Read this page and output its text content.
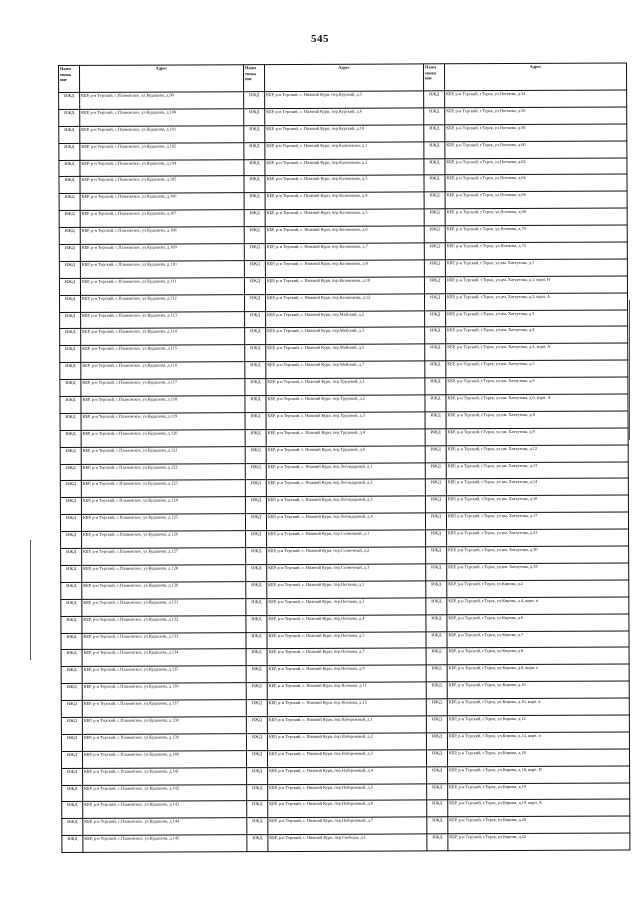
545
Наим енова ние	Адрес	Наим енова ние	Адрес	Наим енова ние	Адрес
ИЖД	КБР, р-н Терский, с.Плановское, ул.Кудашева, д.99	ИЖД	КБР, р-н Терский, с. Нижний Курп, пер.Курский, д.5	ИЖД	КБР, р-н Терский, г.Терек, ул.Ногмова, д.54
ИЖД	КБР, р-н Терский, с.Плановское, ул.Кудашева, д.100	ИЖД	КБР, р-н Терский, с. Нижний Курп, пер.Курский, д.6	ИЖД	КБР, р-н Терский, г.Терек, ул.Ногмова, д.56
ИЖД	КБР, р-н Терский, с.Плановское, ул.Кудашева, д.101	ИЖД	КБР, р-н Терский, с. Нижний Курп, пер.Курский, д.10	ИЖД	КБР, р-н Терский, г.Терек, ул.Ногмова, д.58
ИЖД	КБР, р-н Терский, с.Плановское, ул.Кудашева, д.102	ИЖД	КБР, р-н Терский, с. Нижний Курп, пер.Казаноковa, д.1	ИЖД	КБР, р-н Терский, г.Терек, ул.Ногмова, д.60
ИЖД	КБР, р-н Терский, с.Плановское, ул.Кудашева, д.104	ИЖД	КБР, р-н Терский, с. Нижний Курп, пер.Казаноковa, д.2	ИЖД	КБР, р-н Терский, г.Терек, ул.Ногмова, д.62
ИЖД	КБР, р-н Терский, с.Плановское, ул.Кудашева, д.105	ИЖД	КБР, р-н Терский, с. Нижний Курп, пер.Казаноковa, д.3	ИЖД	КБР, р-н Терский, г.Терек, ул.Ногмова, д.64
ИЖД	КБР, р-н Терский, с.Плановское, ул.Кудашева, д.106	ИЖД	КБР, р-н Терский, с. Нижний Курп, пер.Казаноковa, д.4	ИЖД	КБР, р-н Терский, г.Терек, ул.Ногмова, д.66
ИЖД	КБР, р-н Терский, с.Плановское, ул.Кудашева, д.107	ИЖД	КБР, р-н Терский, с. Нижний Курп, пер.Казаноковa, д.5	ИЖД	КБР, р-н Терский, г.Терек, ул.Ногмова, д.68
ИЖД	КБР, р-н Терский, с.Плановское, ул.Кудашева, д.108	ИЖД	КБР, р-н Терский, с. Нижний Курп, пер.Казаноковa, д.6	ИЖД	КБР, р-н Терский, г.Терек, ул.Ногмова, д.70
ИЖД	КБР, р-н Терский, с.Плановское, ул.Кудашева, д.109	ИЖД	КБР, р-н Терский, с. Нижний Курп, пер.Казаноковa, д.7	ИЖД	КБР, р-н Терский, г.Терек, ул.Ногмова, д.72
ИЖД	КБР, р-н Терский, с.Плановское, ул.Кудашева, д.110	ИЖД	КБР, р-н Терский, с. Нижний Курп, пер.Казаноковa, д.8	ИЖД	КБР, р-н Терский, г.Терек, ул.им. Хатхутова, д.1
ИЖД	КБР, р-н Терский, с.Плановское, ул.Кудашева, д.111	ИЖД	КБР, р-н Терский, с. Нижний Курп, пер.Казаноковa, д.10	ИЖД	КБР, р-н Терский, г.Терек, ул.им. Хатхутова, д.1, корп. Н
ИЖД	КБР, р-н Терский, с.Плановское, ул.Кудашева, д.112	ИЖД	КБР, р-н Терский, с. Нижний Курп, пер.Казаноковa, д.12	ИЖД	КБР, р-н Терский, г.Терек, ул.им. Хатхутова, д.2, корп. А
ИЖД	КБР, р-н Терский, с.Плановское, ул.Кудашева, д.113	ИЖД	КБР, р-н Терский, с. Нижний Курп, пер.Майский, д.2	ИЖД	КБР, р-н Терский, г.Терек, ул.им. Хатхутова, д.3
ИЖД	КБР, р-н Терский, с.Плановское, ул.Кудашева, д.114	ИЖД	КБР, р-н Терский, с. Нижний Курп, пер.Майский, д.3	ИЖД	КБР, р-н Терский, г.Терек, ул.им. Хатхутова, д.4
ИЖД	КБР, р-н Терский, с.Плановское, ул.Кудашева, д.115	ИЖД	КБР, р-н Терский, с. Нижний Курп, пер.Майский, д.5	ИЖД	КБР, р-н Терский, г.Терек, ул.им. Хатхутова, д.4, корп. А
ИЖД	КБР, р-н Терский, с.Плановское, ул.Кудашева, д.116	ИЖД	КБР, р-н Терский, с. Нижний Курп, пер.Майский, д.7	ИЖД	КБР, р-н Терский, г.Терек, ул.им. Хатхутова, д.5
ИЖД	КБР, р-н Терский, с.Плановское, ул.Кудашева, д.117	ИЖД	КБР, р-н Терский, с. Нижний Курп, пер.Трудовой, д.1	ИЖД	КБР, р-н Терский, г.Терек, ул.им. Хатхутова, д.6
ИЖД	КБР, р-н Терский, с.Плановское, ул.Кудашева, д.118	ИЖД	КБР, р-н Терский, с. Нижний Курп, пер.Трудовой, д.2	ИЖД	КБР, р-н Терский, г.Терек, ул.им. Хатхутова, д.6, корп. А
ИЖД	КБР, р-н Терский, с.Плановское, ул.Кудашева, д.119	ИЖД	КБР, р-н Терский, с. Нижний Курп, пер.Трудовой, д.3	ИЖД	КБР, р-н Терский, г.Терек, ул.им. Хатхутова, д.8
ИЖД	КБР, р-н Терский, с.Плановское, ул.Кудашева, д.120	ИЖД	КБР, р-н Терский, с. Нижний Курп, пер.Трудовой, д.4	ИЖД	КБР, р-н Терский, г.Терек, ул.им. Хатхутова, д.9
ИЖД	КБР, р-н Терский, с.Плановское, ул.Кудашева, д.121	ИЖД	КБР, р-н Терский, с. Нижний Курп, пер.Трудовой, д.6	ИЖД	КБР, р-н Терский, г.Терек, ул.им. Хатхутова, д.12
ИЖД	КБР, р-н Терский, с.Плановское, ул.Кудашева, д.122	ИЖД	КБР, р-н Терский, с. Нижний Курп, пер.Легендарный, д.1	ИЖД	КБР, р-н Терский, г.Терек, ул.им. Хатхутова, д.13
ИЖД	КБР, р-н Терский, с.Плановское, ул.Кудашева, д.123	ИЖД	КБР, р-н Терский, с. Нижний Курп, пер.Легендарный, д.2	ИЖД	КБР, р-н Терский, г.Терек, ул.им. Хатхутова, д.14
ИЖД	КБР, р-н Терский, с.Плановское, ул.Кудашева, д.124	ИЖД	КБР, р-н Терский, с. Нижний Курп, пер.Легендарный, д.3	ИЖД	КБР, р-н Терский, г.Терек, ул.им. Хатхутова, д.16
ИЖД	КБР, р-н Терский, с.Плановское, ул.Кудашева, д.125	ИЖД	КБР, р-н Терский, с. Нижний Курп, пер.Легендарный, д.4	ИЖД	КБР, р-н Терский, г.Терек, ул.им. Хатхутова, д.17
ИЖД	КБР, р-н Терский, с.Плановское, ул.Кудашева, д.126	ИЖД	КБР, р-н Терский, с. Нижний Курп, пер.Солнечный, д.1	ИЖД	КБР, р-н Терский, г.Терек, ул.им. Хатхутова, д.23
ИЖД	КБР, р-н Терский, с.Плановское, ул.Кудашева, д.127	ИЖД	КБР, р-н Терский, с. Нижний Курп, пер.Солнечный, д.2	ИЖД	КБР, р-н Терский, г.Терек, ул.им. Хатхутова, д.30
ИЖД	КБР, р-н Терский, с.Плановское, ул.Кудашева, д.128	ИЖД	КБР, р-н Терский, с. Нижний Курп, пер.Солнечный, д.3	ИЖД	КБР, р-н Терский, г.Терек, ул.им. Хатхутова, д.33
ИЖД	КБР, р-н Терский, с.Плановское, ул.Кудашева, д.130	ИЖД	КБР, р-н Терский, с. Нижний Курп, пер.Ногмова, д.1	ИЖД	КБР, р-н Терский, г.Терек, ул.Кирова, д.2
ИЖД	КБР, р-н Терский, с.Плановское, ул.Кудашева, д.131	ИЖД	КБР, р-н Терский, с. Нижний Курп, пер.Ногмова, д.3	ИЖД	КБР, р-н Терский, г.Терек, ул.Кирова, д.4, корп. и
ИЖД	КБР, р-н Терский, с.Плановское, ул.Кудашева, д.132	ИЖД	КБР, р-н Терский, с. Нижний Курп, пер.Ногмова, д.4	ИЖД	КБР, р-н Терский, г.Терек, ул.Кирова, д.6
ИЖД	КБР, р-н Терский, с.Плановское, ул.Кудашева, д.133	ИЖД	КБР, р-н Терский, с. Нижний Курп, пер.Ногмова, д.5	ИЖД	КБР, р-н Терский, г.Терек, ул.Кирова, д.7
ИЖД	КБР, р-н Терский, с.Плановское, ул.Кудашева, д.134	ИЖД	КБР, р-н Терский, с. Нижний Курп, пер.Ногмова, д.7	ИЖД	КБР, р-н Терский, г.Терек, ул.Кирова, д.8
ИЖД	КБР, р-н Терский, с.Плановское, ул.Кудашева, д.135	ИЖД	КБР, р-н Терский, с. Нижний Курп, пер.Ногмова, д.9	ИЖД	КБР, р-н Терский, г.Терек, ул.Кирова, д.8, корп. а
ИЖД	КБР, р-н Терский, с.Плановское, ул.Кудашева, д.136	ИЖД	КБР, р-н Терский, с. Нижний Курп, пер.Ногмова, д.11	ИЖД	КБР, р-н Терский, г.Терек, ул.Кирова, д.10
ИЖД	КБР, р-н Терский, с.Плановское, ул.Кудашева, д.137	ИЖД	КБР, р-н Терский, с. Нижний Курп, пер.Ногмова, д.13	ИЖД	КБР, р-н Терский, г.Терек, ул.Кирова, д.10, корп. в
ИЖД	КБР, р-н Терский, с.Плановское, ул.Кудашева, д.138	ИЖД	КБР, р-н Терский, с. Нижний Курп, пер.Набережный, д.1	ИЖД	КБР, р-н Терский, г.Терек, ул.Кирова, д.12
ИЖД	КБР, р-н Терский, с.Плановское, ул.Кудашева, д.139	ИЖД	КБР, р-н Терский, с. Нижний Курп, пер.Набережный, д.2	ИЖД	КБР, р-н Терский, г.Терек, ул.Кирова, д.14, корп. и
ИЖД	КБР, р-н Терский, с.Плановское, ул.Кудашева, д.140	ИЖД	КБР, р-н Терский, с. Нижний Курп, пер.Набережный, д.3	ИЖД	КБР, р-н Терский, г.Терек, ул.Кирова, д.18
ИЖД	КБР, р-н Терский, с.Плановское, ул.Кудашева, д.141	ИЖД	КБР, р-н Терский, с. Нижний Курп, пер.Набережный, д.4	ИЖД	КБР, р-н Терский, г.Терек, ул.Кирова, д.18, корп. Н
ИЖД	КБР, р-н Терский, с.Плановское, ул.Кудашева, д.142	ИЖД	КБР, р-н Терский, с. Нижний Курп, пер.Набережный, д.5	ИЖД	КБР, р-н Терский, г.Терек, ул.Кирова, д.19
ИЖД	КБР, р-н Терский, с.Плановское, ул.Кудашева, д.143	ИЖД	КБР, р-н Терский, с. Нижний Курп, пер.Набережный, д.6	ИЖД	КБР, р-н Терский, г.Терек, ул.Кирова, д.19, корп. А
ИЖД	КБР, р-н Терский, с.Плановское, ул.Кудашева, д.144	ИЖД	КБР, р-н Терский, с. Нижний Курп, пер.Набережный, д.7	ИЖД	КБР, р-н Терский, г.Терек, ул.Кирова, д.20
ИЖД	КБР, р-н Терский, с.Плановское, ул.Кудашева, д.145	ИЖД	КБР, р-н Терский, с. Нижний Курп, пер.Свободы, д.1	ИЖД	КБР, р-н Терский, г.Терек, ул.Кирова, д.22
